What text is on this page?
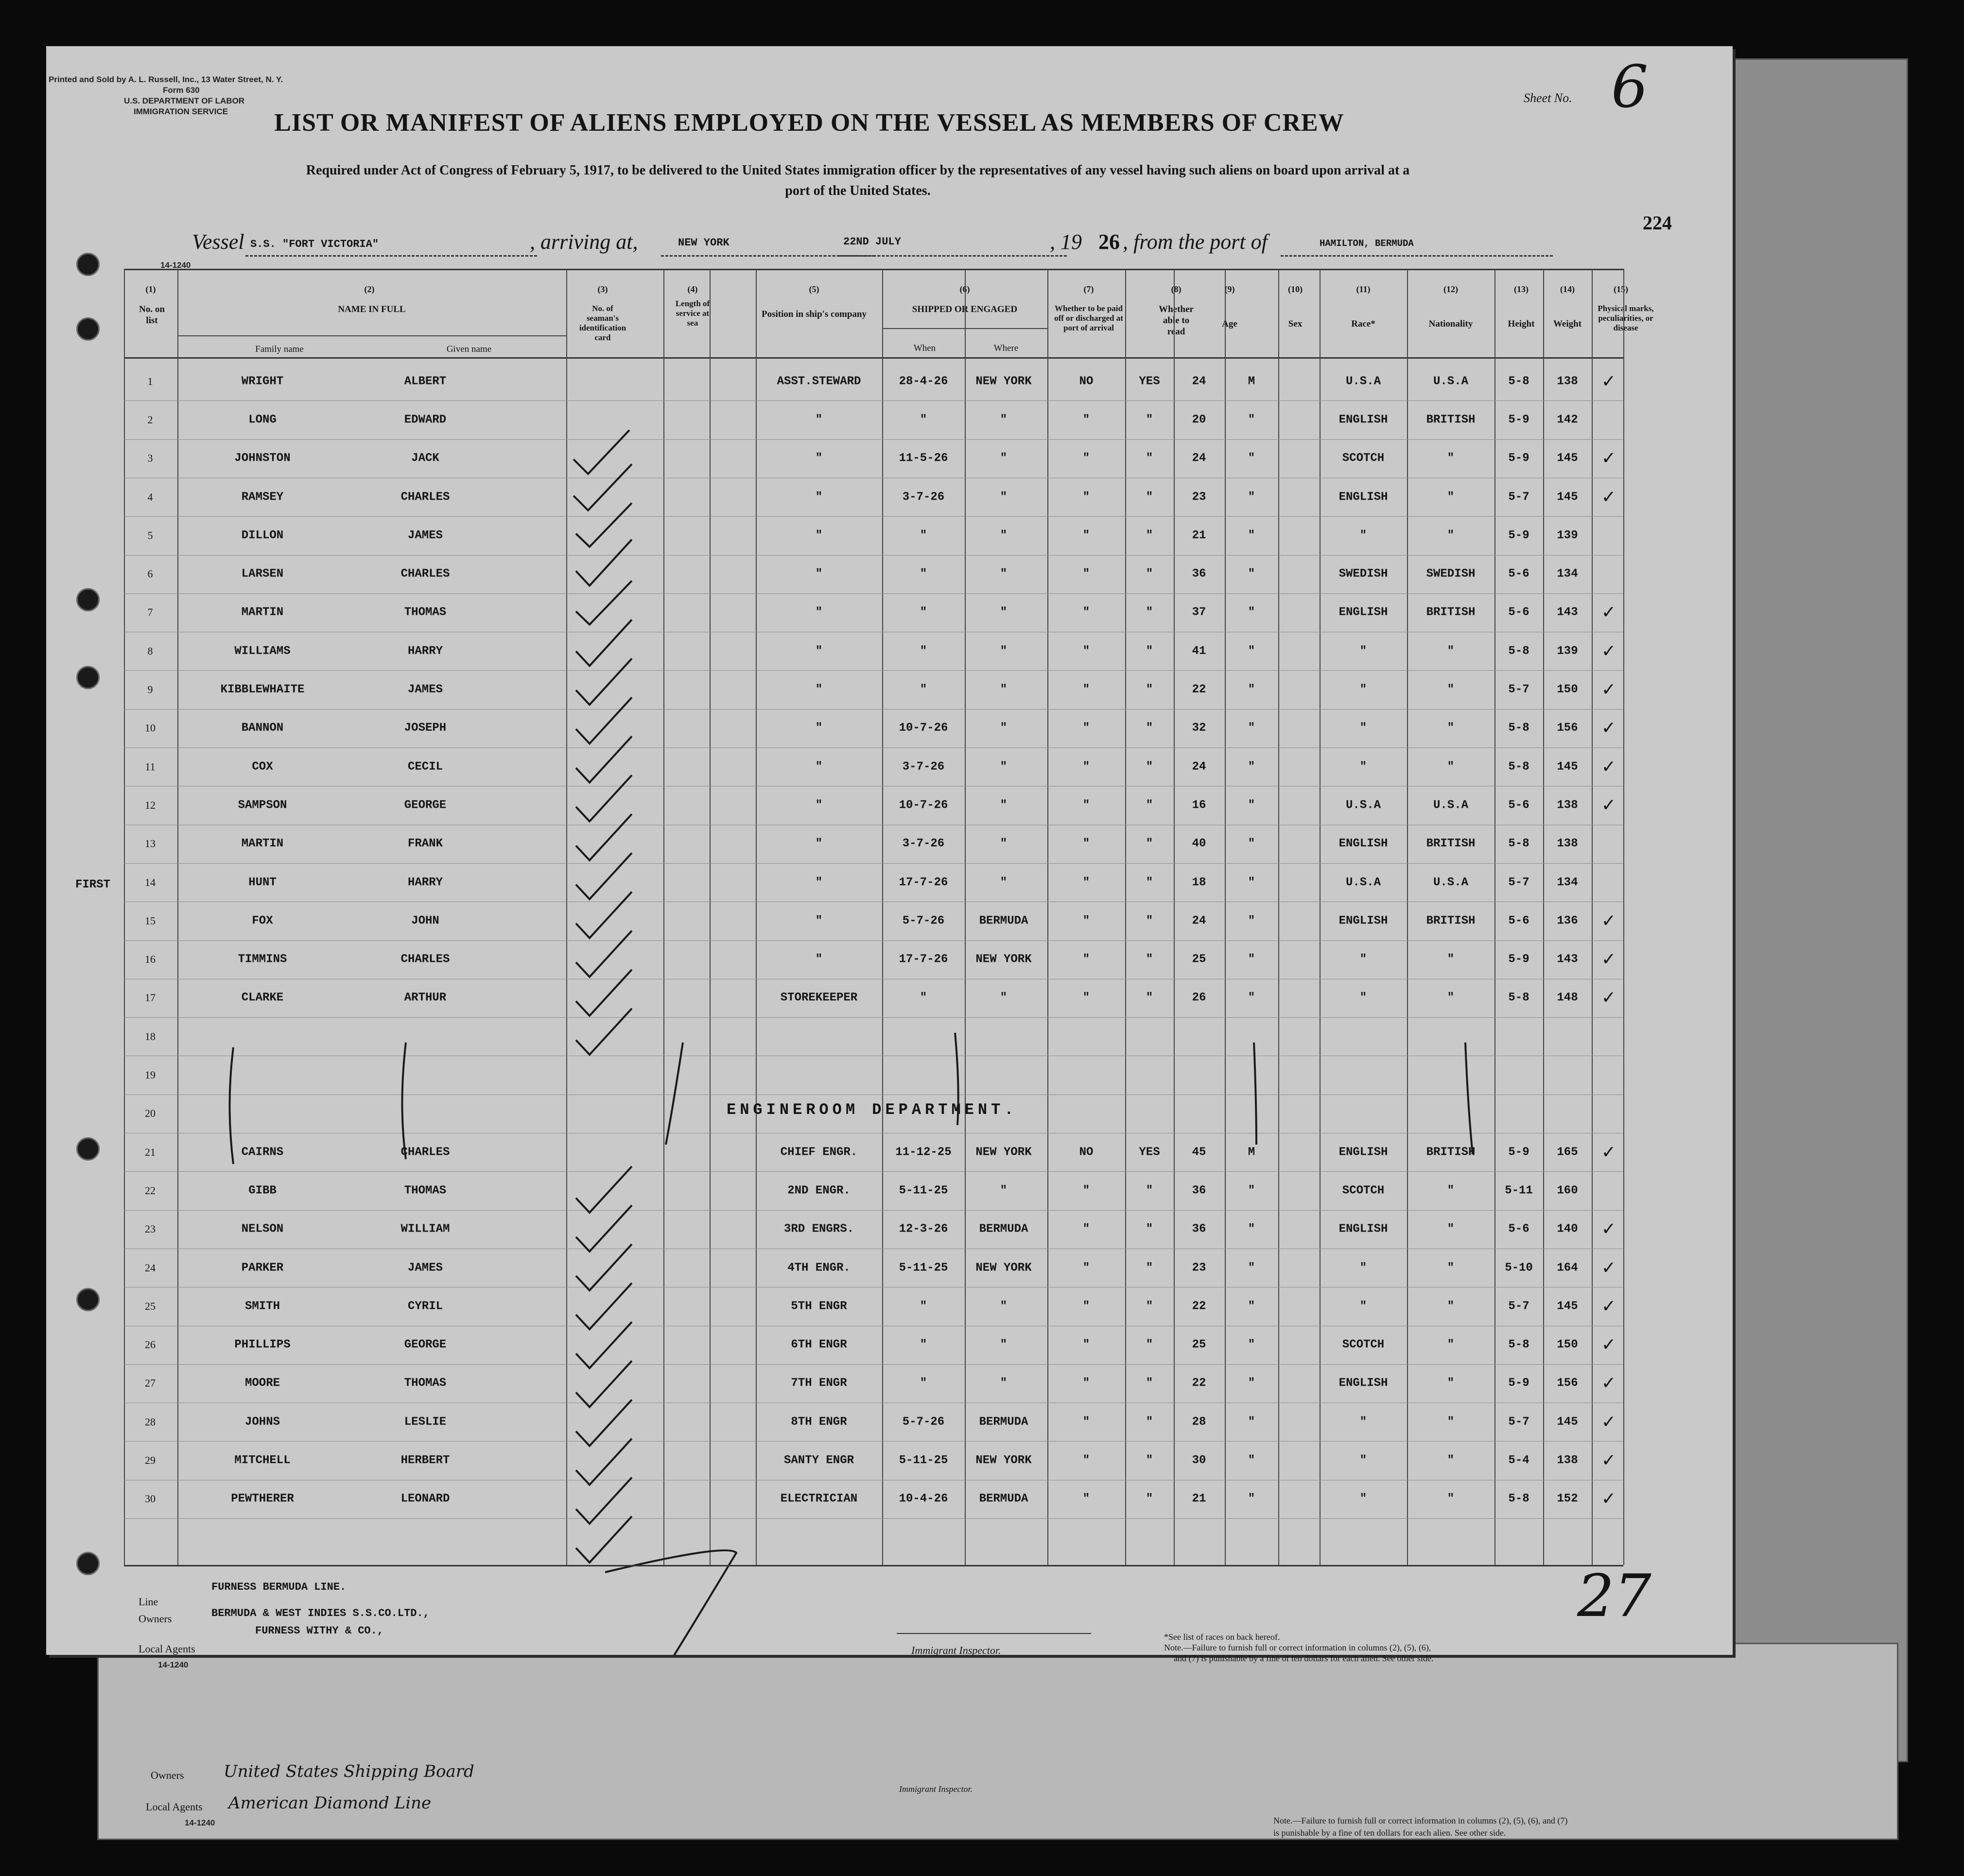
Owners United States Shipping Board
Local Agents American Diamond Line
14-1240
Immigrant Inspector.
Note.—Failure to furnish full or correct information in columns (2), (5), (6), and (7)
is punishable by a fine of ten dollars for each alien. See other side.
Printed and Sold by A. L. Russell, Inc., 13 Water Street, N. Y.
Form 630
U.S. DEPARTMENT OF LABOR
IMMIGRATION SERVICE	LIST OR MANIFEST OF ALIENS EMPLOYED ON THE VESSEL AS MEMBERS OF CREW
Required under Act of Congress of February 5, 1917, to be delivered to the United States immigration officer by the representatives of any vessel having such aliens on board upon arrival at a
port of the United States.
Sheet No. 6
224
Vessel S.S. "FORT VICTORIA"	, arriving at,	NEW YORK	22ND JULY	, 19 26 , from the port of	HAMILTON, BERMUDA
14-1240
(1)
No. on list
(2)
NAME IN FULL
Family name	Given name
(3)
No. of seaman's identification card
(4)
Length of service at sea
(5)
Position in ship's company
(6)
SHIPPED OR ENGAGED
When	Where
(7)
Whether to be paid off or discharged at port of arrival
(8)
Whether able to read
(9)
Age
(10)
Sex
(11)
Race*
(12)
Nationality
(13)
Height
(14)
Weight
(15)
Physical marks, peculiarities, or disease
1	WRIGHT	ALBERT	ASST.STEWARD	28-4-26	NEW YORK	NO	YES	24	M	U.S.A	U.S.A	5-8	138	✓
2	LONG	EDWARD	"	"	"	"	"	20	"	ENGLISH	BRITISH	5-9	142
3	JOHNSTON	JACK	"	11-5-26	"	"	"	24	"	SCOTCH	"	5-9	145	✓
4	RAMSEY	CHARLES	"	3-7-26	"	"	"	23	"	ENGLISH	"	5-7	145	✓
5	DILLON	JAMES	"	"	"	"	"	21	"	"	"	5-9	139
6	LARSEN	CHARLES	"	"	"	"	"	36	"	SWEDISH	SWEDISH	5-6	134
7	MARTIN	THOMAS	"	"	"	"	"	37	"	ENGLISH	BRITISH	5-6	143	✓
8	WILLIAMS	HARRY	"	"	"	"	"	41	"	"	"	5-8	139	✓
9	KIBBLEWHAITE	JAMES	"	"	"	"	"	22	"	"	"	5-7	150	✓
10	BANNON	JOSEPH	"	10-7-26	"	"	"	32	"	"	"	5-8	156	✓
11	COX	CECIL	"	3-7-26	"	"	"	24	"	"	"	5-8	145	✓
12	SAMPSON	GEORGE	"	10-7-26	"	"	"	16	"	U.S.A	U.S.A	5-6	138	✓
13	MARTIN	FRANK	"	3-7-26	"	"	"	40	"	ENGLISH	BRITISH	5-8	138
14	HUNT	HARRY	"	17-7-26	"	"	"	18	"	U.S.A	U.S.A	5-7	134
15	FOX	JOHN	"	5-7-26	BERMUDA	"	"	24	"	ENGLISH	BRITISH	5-6	136	✓
16	TIMMINS	CHARLES	"	17-7-26	NEW YORK	"	"	25	"	"	"	5-9	143	✓
17	CLARKE	ARTHUR	STOREKEEPER	"	"	"	"	26	"	"	"	5-8	148	✓
18
19
20
21	CAIRNS	CHARLES	CHIEF ENGR.	11-12-25	NEW YORK	NO	YES	45	M	ENGLISH	BRITISH	5-9	165	✓
22	GIBB	THOMAS	2ND ENGR.	5-11-25	"	"	"	36	"	SCOTCH	"	5-11	160
23	NELSON	WILLIAM	3RD ENGRS.	12-3-26	BERMUDA	"	"	36	"	ENGLISH	"	5-6	140	✓
24	PARKER	JAMES	4TH ENGR.	5-11-25	NEW YORK	"	"	23	"	"	"	5-10	164	✓
25	SMITH	CYRIL	5TH ENGR	"	"	"	"	22	"	"	"	5-7	145	✓
26	PHILLIPS	GEORGE	6TH ENGR	"	"	"	"	25	"	SCOTCH	"	5-8	150	✓
27	MOORE	THOMAS	7TH ENGR	"	"	"	"	22	"	ENGLISH	"	5-9	156	✓
28	JOHNS	LESLIE	8TH ENGR	5-7-26	BERMUDA	"	"	28	"	"	"	5-7	145	✓
29	MITCHELL	HERBERT	SANTY ENGR	5-11-25	NEW YORK	"	"	30	"	"	"	5-4	138	✓
30	PEWTHERER	LEONARD	ELECTRICIAN	10-4-26	BERMUDA	"	"	21	"	"	"	5-8	152	✓
ENGINEROOM DEPARTMENT.
FIRST
FURNESS BERMUDA LINE.
Line
Owners	BERMUDA & WEST INDIES S.S.CO.LTD.,
FURNESS WITHY & CO.,
Local Agents
14-1240
Immigrant Inspector.
*See list of races on back hereof.
Note.—Failure to furnish full or correct information in columns (2), (5), (6),
and (7) is punishable by a fine of ten dollars for each alien. See other side.
27
